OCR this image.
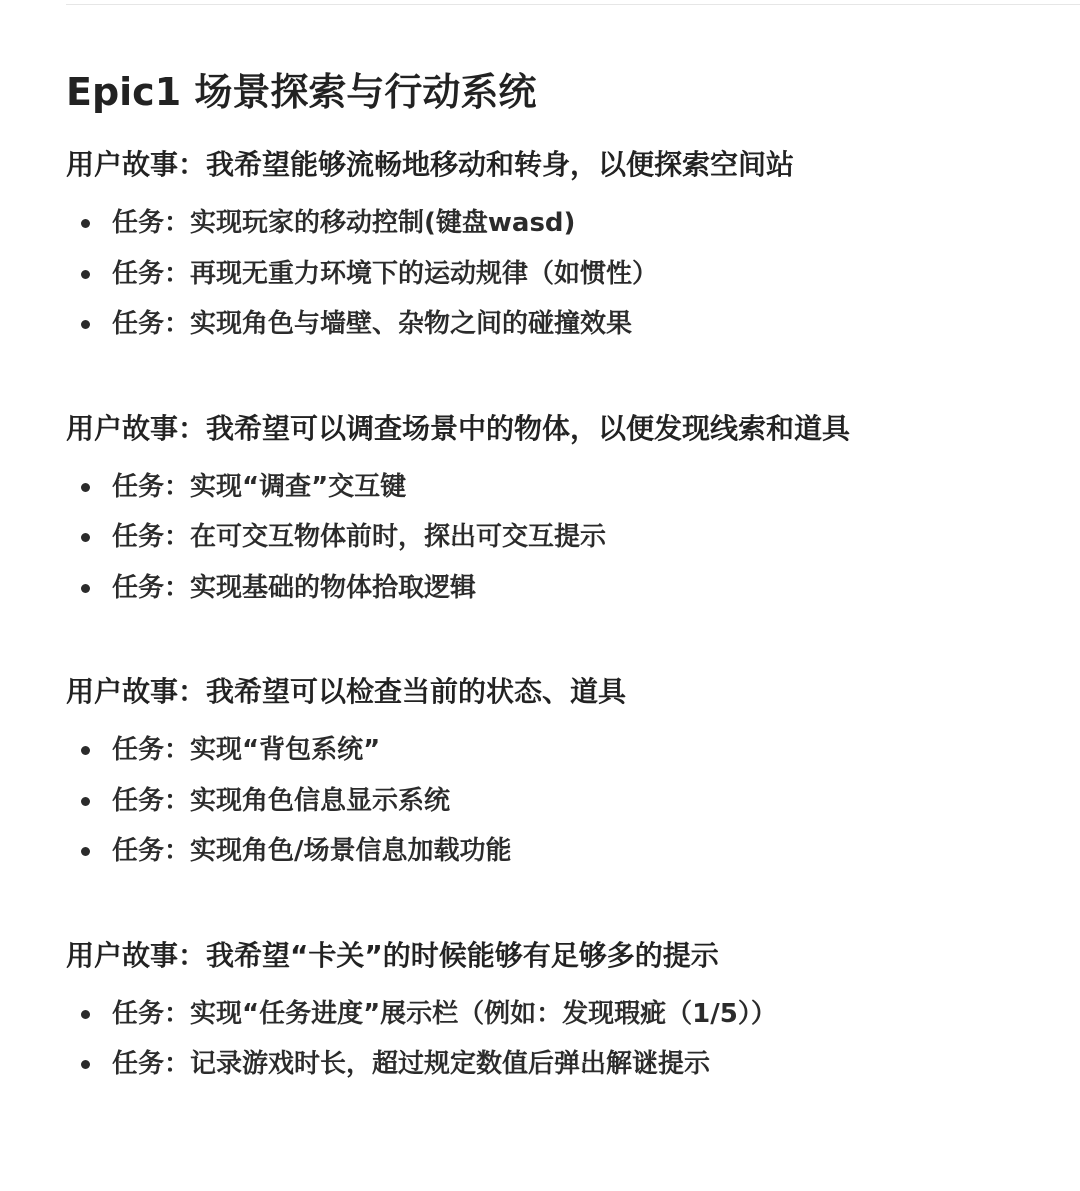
Epic1 场景探索与行动系统
用户故事：我希望能够流畅地移动和转身，以便探索空间站
任务：实现玩家的移动控制(键盘wasd)
任务：再现无重力环境下的运动规律（如惯性）
任务：实现角色与墙壁、杂物之间的碰撞效果
用户故事：我希望可以调查场景中的物体，以便发现线索和道具
任务：实现“调查”交互键
任务：在可交互物体前时，探出可交互提示
任务：实现基础的物体拾取逻辑
用户故事：我希望可以检查当前的状态、道具
任务：实现“背包系统”
任务：实现角色信息显示系统
任务：实现角色/场景信息加载功能
用户故事：我希望“卡关”的时候能够有足够多的提示
任务：实现“任务进度”展示栏（例如：发现瑕疵（1/5））
任务：记录游戏时长，超过规定数值后弹出解谜提示
